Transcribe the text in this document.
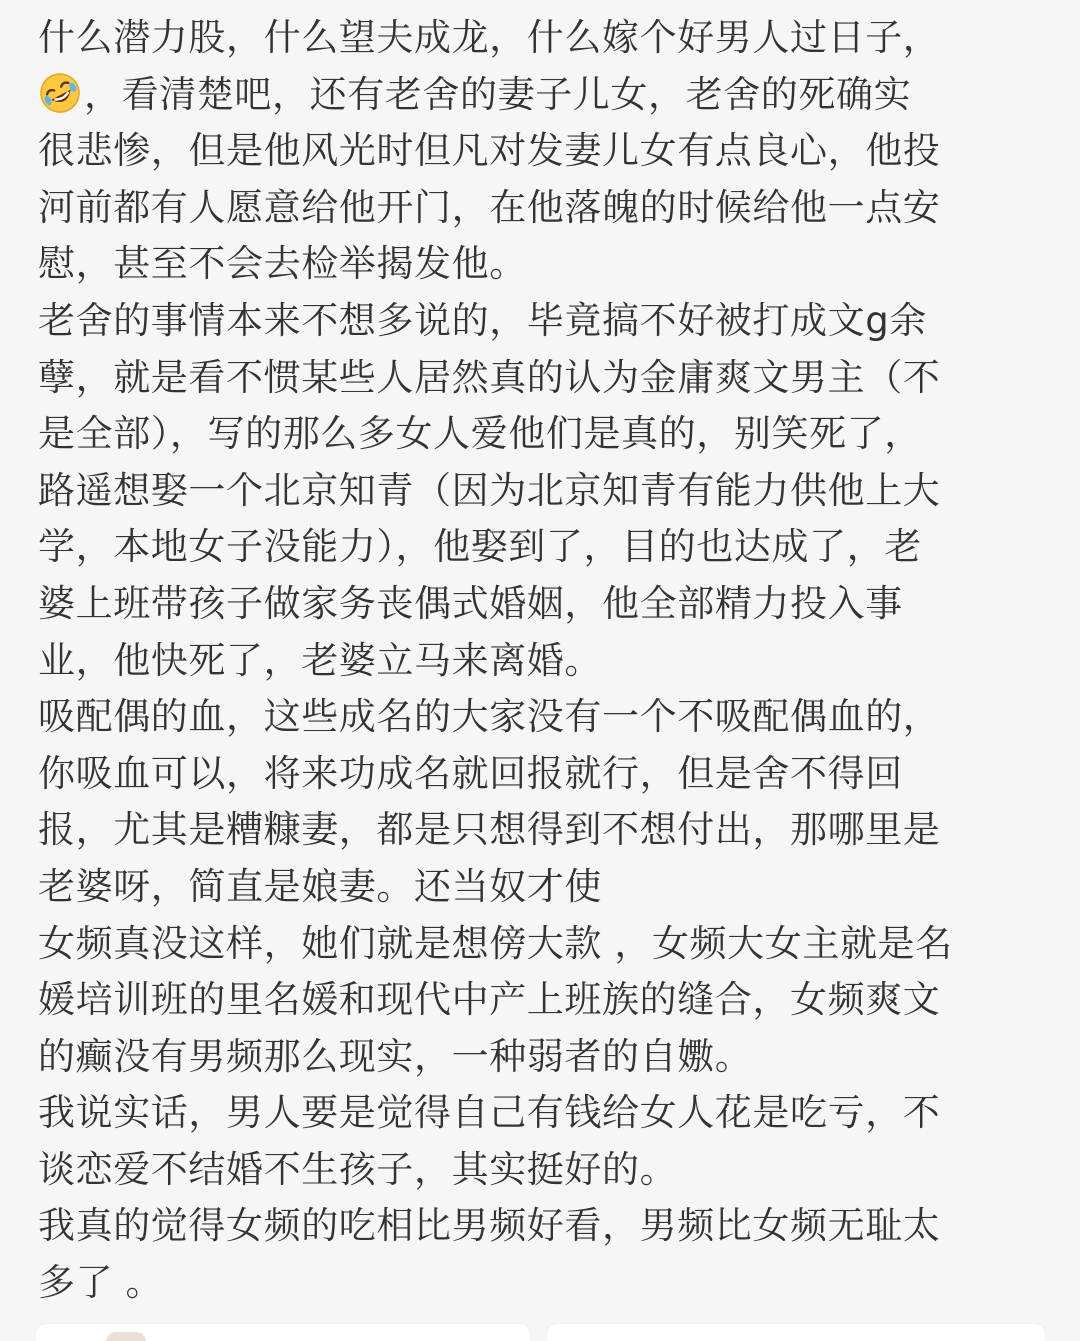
什么潜力股，什么望夫成龙，什么嫁个好男人过日子，
，看清楚吧，还有老舍的妻子儿女，老舍的死确实
很悲惨，但是他风光时但凡对发妻儿女有点良心，他投
河前都有人愿意给他开门，在他落魄的时候给他一点安
慰，甚至不会去检举揭发他。
老舍的事情本来不想多说的，毕竟搞不好被打成文g余
孽，就是看不惯某些人居然真的认为金庸爽文男主（不
是全部），写的那么多女人爱他们是真的，别笑死了，
路遥想娶一个北京知青（因为北京知青有能力供他上大
学，本地女子没能力），他娶到了，目的也达成了，老
婆上班带孩子做家务丧偶式婚姻，他全部精力投入事
业，他快死了，老婆立马来离婚。
吸配偶的血，这些成名的大家没有一个不吸配偶血的，
你吸血可以，将来功成名就回报就行，但是舍不得回
报，尤其是糟糠妻，都是只想得到不想付出，那哪里是
老婆呀，简直是娘妻。还当奴才使
女频真没这样，她们就是想傍大款 ，女频大女主就是名
媛培训班的里名媛和现代中产上班族的缝合，女频爽文
的癫没有男频那么现实，一种弱者的自嫐。
我说实话，男人要是觉得自己有钱给女人花是吃亏，不
谈恋爱不结婚不生孩子，其实挺好的。
我真的觉得女频的吃相比男频好看，男频比女频无耻太
多了 。
